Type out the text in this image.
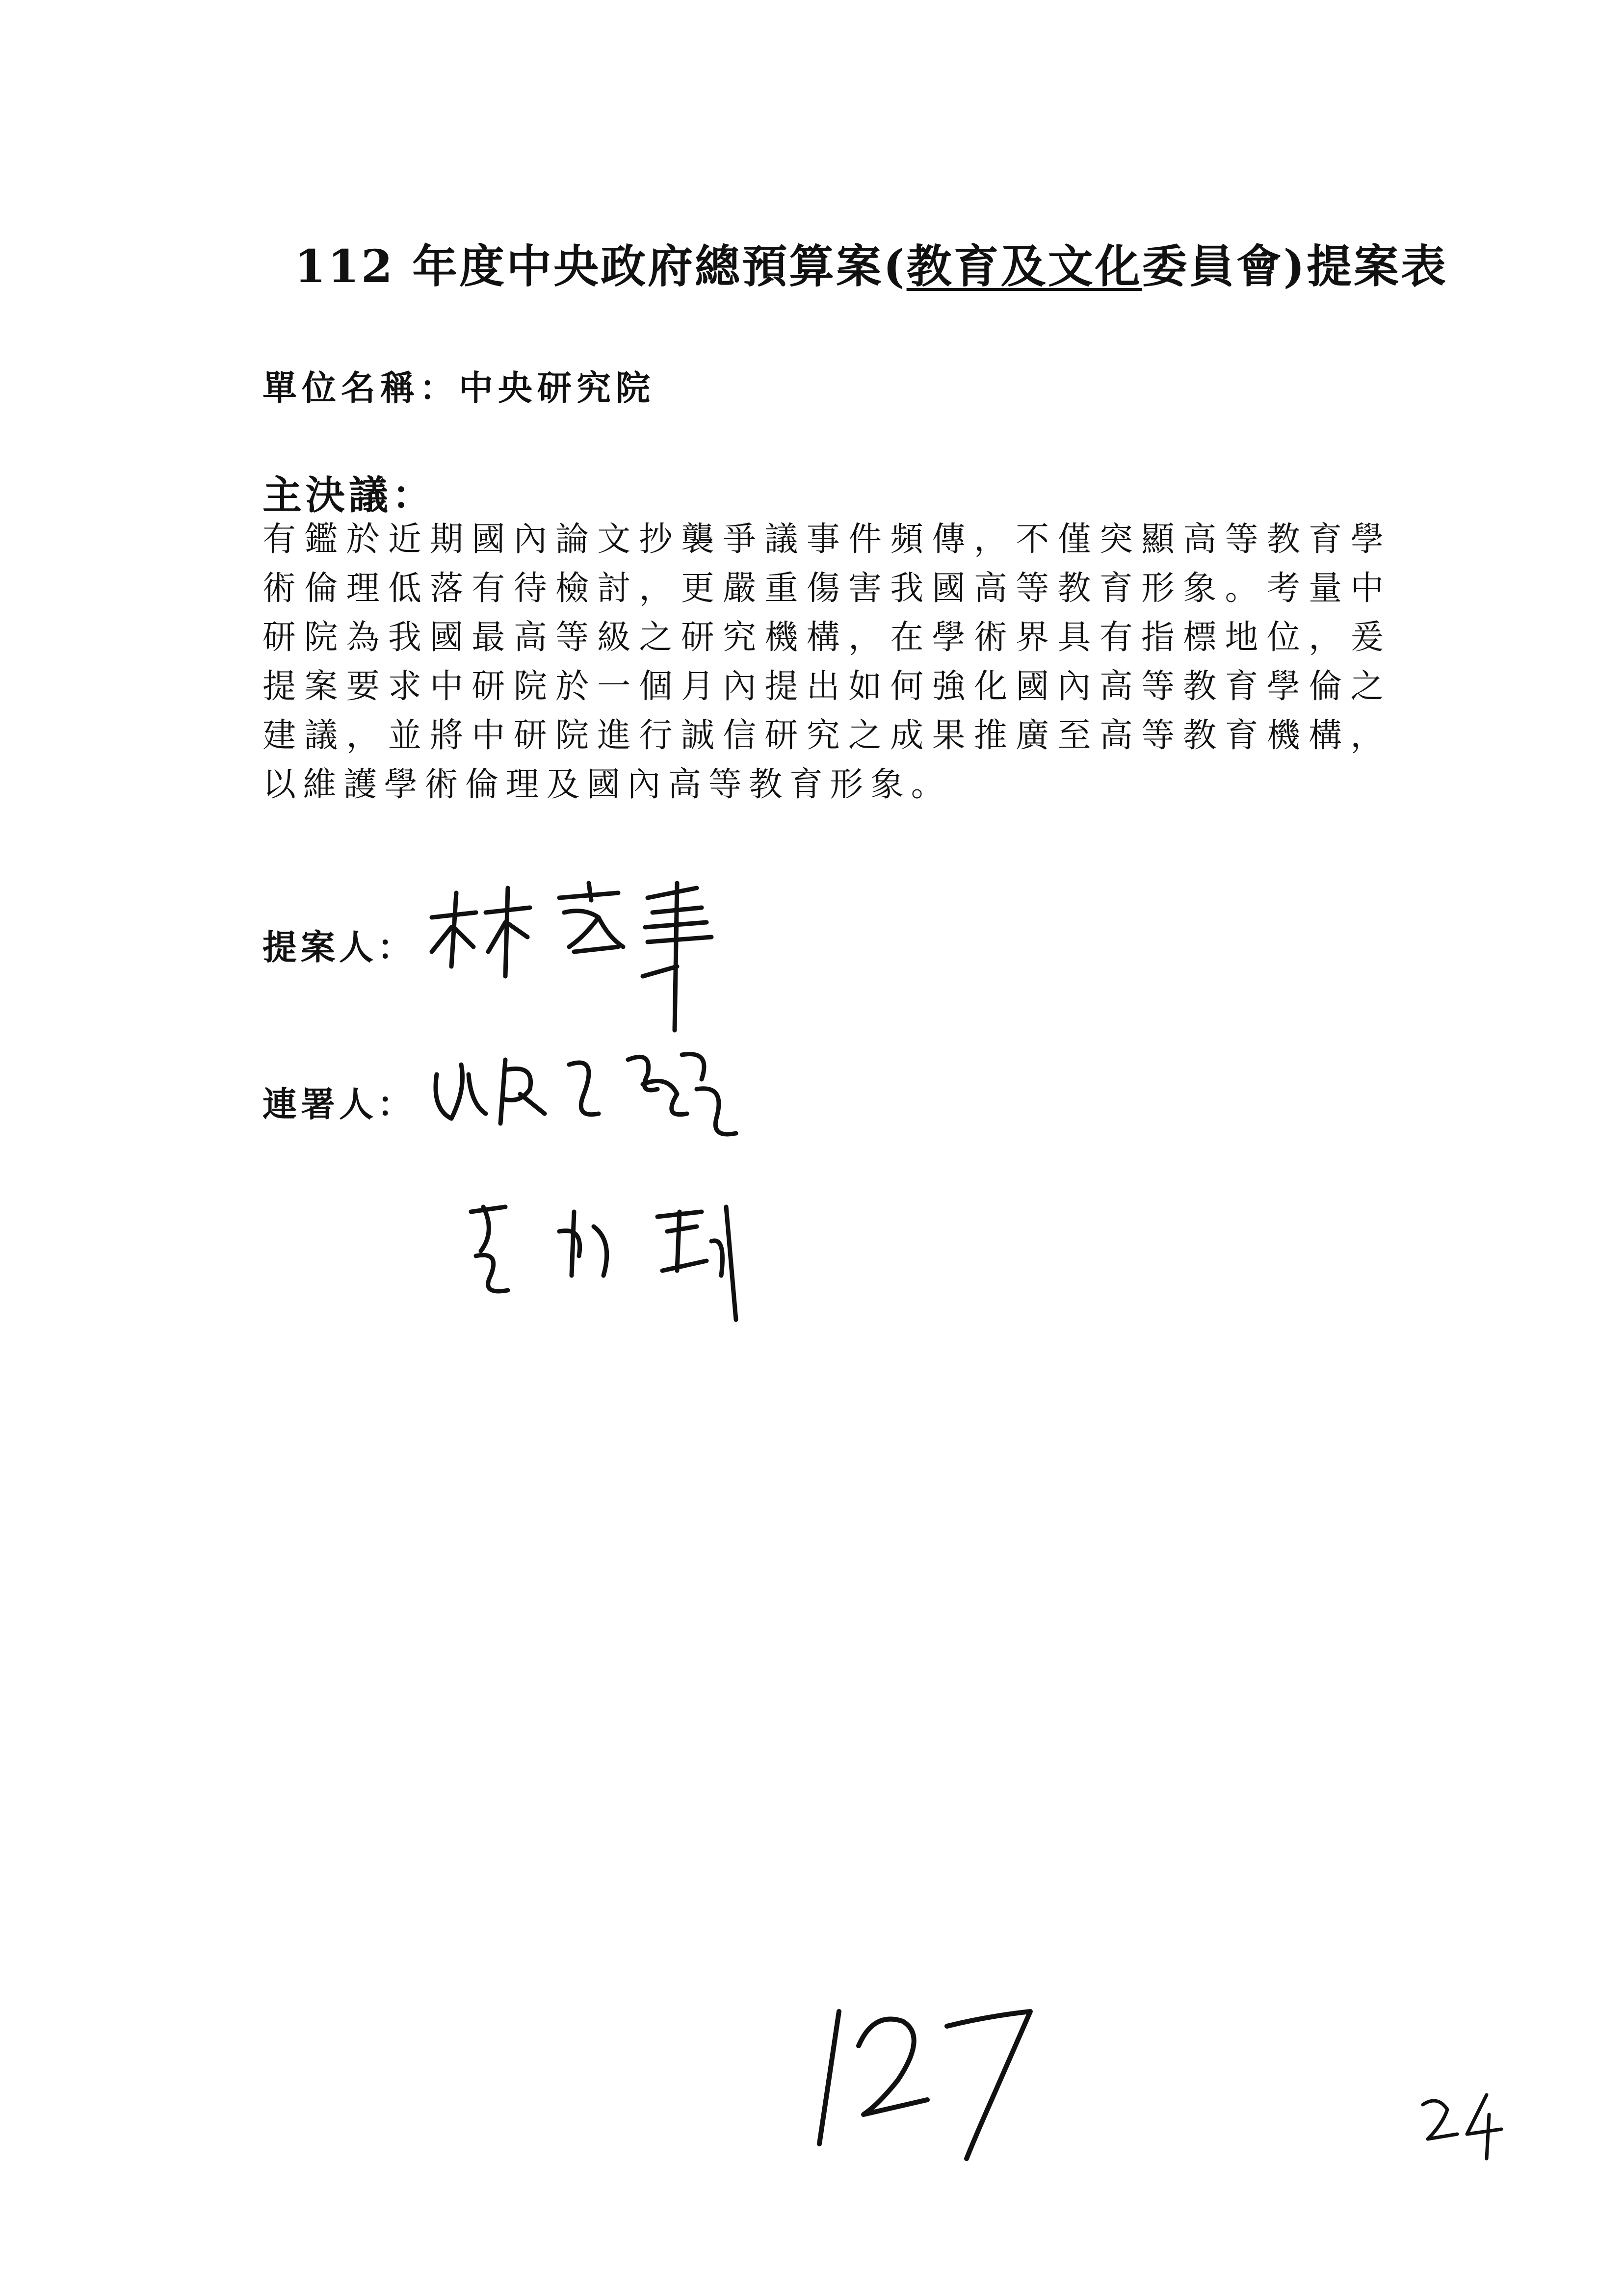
112 年度中央政府總預算案(教育及文化委員會)提案表
單位名稱：中央研究院
主決議：
有鑑於近期國內論文抄襲爭議事件頻傳，不僅突顯高等教育學術倫理低落有待檢討，更嚴重傷害我國高等教育形象。考量中研院為我國最高等級之研究機構，在學術界具有指標地位，爰提案要求中研院於一個月內提出如何強化國內高等教育學倫之建議，並將中研院進行誠信研究之成果推廣至高等教育機構，以維護學術倫理及國內高等教育形象。
提案人：
連署人：
